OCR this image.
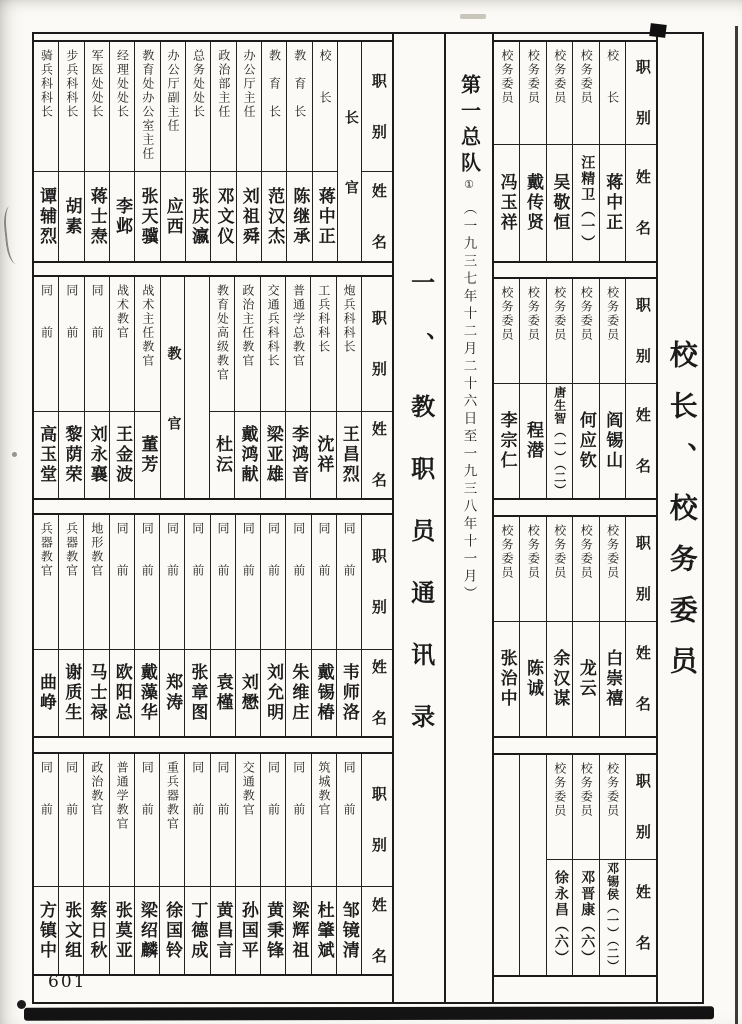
职　　别
姓　　名
校　　长
蒋中正
校务委员
汪精卫（一）
校务委员
吴敬恒
校务委员
戴传贤
校务委员
冯玉祥
职　　别
姓　　名
校务委员
阎锡山
校务委员
何应钦
校务委员
唐生智（一）（二）
校务委员
程潜
校务委员
李宗仁
职　　别
姓　　名
校务委员
白崇禧
校务委员
龙云
校务委员
余汉谋
校务委员
陈诚
校务委员
张治中
职　　别
姓　　名
校务委员
邓锡侯（一）（二）
校务委员
邓晋康（六）
校务委员
徐永昌（六）
职　　别
姓　　名
长　　　　官
校　　长
蒋中正
教　育　长
陈继承
教　育　长
范汉杰
办公厅主任
刘祖舜
政治部主任
邓文仪
总务处处长
张庆瀛
办公厅副主任
应西
教育处办公室主任
张天骥
经理处处长
李邺
军医处处长
蒋士焘
步兵科科长
胡素
骑兵科科长
谭辅烈
职　　别
姓　　名
炮兵科科长
王昌烈
工兵科科长
沈祥
普通学总教官
李鸿音
交通兵科科长
梁亚雄
政治主任教官
戴鸿献
教育处高级教官
杜沄
教　　　　官
战术主任教官
董芳
战术教官
王金波
同　　前
刘永襄
同　　前
黎荫荣
同　　前
高玉堂
职　　别
姓　　名
同　　前
韦师洛
同　　前
戴锡椿
同　　前
朱维庄
同　　前
刘允明
同　　前
刘懋
同　　前
袁槿
同　　前
张章图
同　　前
郑涛
同　　前
戴藻华
同　　前
欧阳总
地形教官
马士禄
兵器教官
谢质生
兵器教官
曲峥
职　　别
姓　　名
同　　前
邹镜清
筑城教官
杜肇斌
同　　前
梁辉祖
同　　前
黄秉锋
交通教官
孙国平
同　　前
黄昌言
同　　前
丁德成
重兵器教官
徐国铃
同　　前
梁绍麟
普通学教官
张莫亚
政治教官
蔡日秋
同　　前
张文组
同　　前
方镇中
第一总队①（一九三七年十二月二十六日至一九三八年十一月）
一、教职员通讯录	校长、校务委员
601
